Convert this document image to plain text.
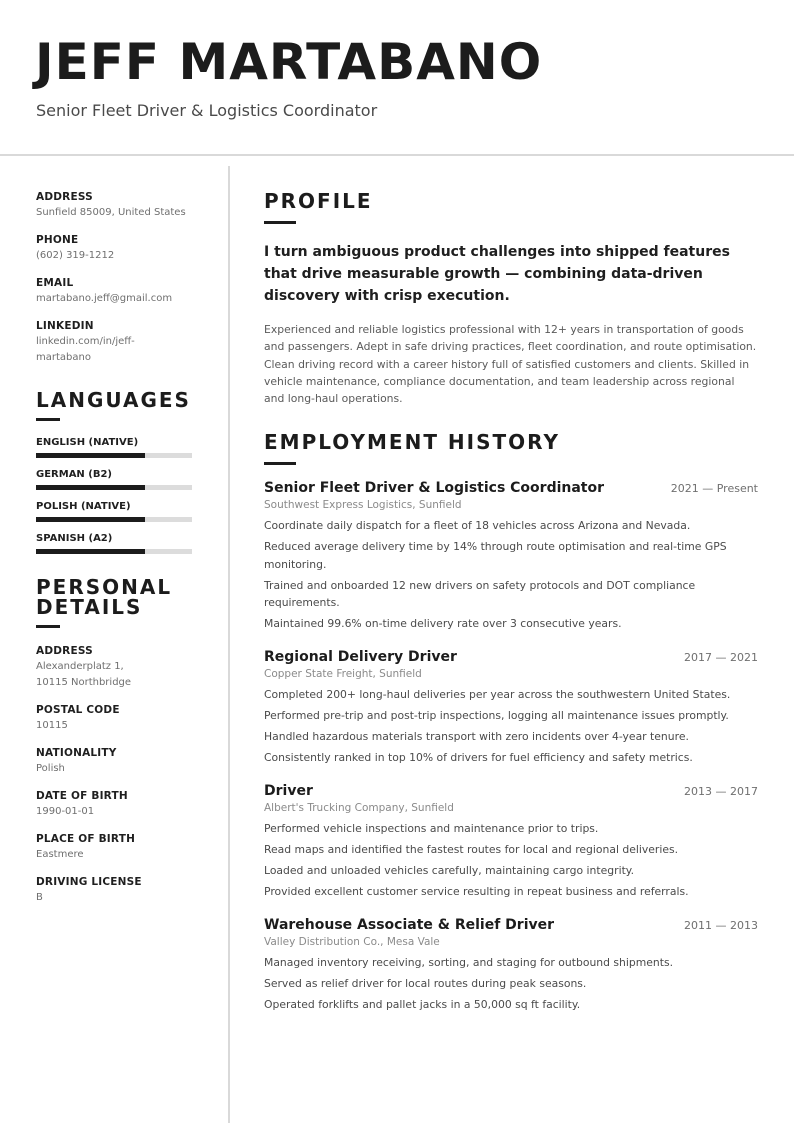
JEFF MARTABANO
Senior Fleet Driver & Logistics Coordinator
ADDRESS
Sunfield 85009, United States
PHONE
(602) 319-1212
EMAIL
martabano.jeff@gmail.com
LINKEDIN
linkedin.com/in/jeff-martabano
LANGUAGES
ENGLISH (NATIVE)
GERMAN (B2)
POLISH (NATIVE)
SPANISH (A2)
PERSONAL DETAILS
ADDRESS
Alexanderplatz 1, 10115 Northbridge
POSTAL CODE
10115
NATIONALITY
Polish
DATE OF BIRTH
1990-01-01
PLACE OF BIRTH
Eastmere
DRIVING LICENSE
B
PROFILE
I turn ambiguous product challenges into shipped features that drive measurable growth — combining data-driven discovery with crisp execution.
Experienced and reliable logistics professional with 12+ years in transportation of goods and passengers. Adept in safe driving practices, fleet coordination, and route optimisation. Clean driving record with a career history full of satisfied customers and clients. Skilled in vehicle maintenance, compliance documentation, and team leadership across regional and long-haul operations.
EMPLOYMENT HISTORY
Senior Fleet Driver & Logistics Coordinator	2021 — Present
Southwest Express Logistics, Sunfield
Coordinate daily dispatch for a fleet of 18 vehicles across Arizona and Nevada.
Reduced average delivery time by 14% through route optimisation and real-time GPS monitoring.
Trained and onboarded 12 new drivers on safety protocols and DOT compliance requirements.
Maintained 99.6% on-time delivery rate over 3 consecutive years.
Regional Delivery Driver	2017 — 2021
Copper State Freight, Sunfield
Completed 200+ long-haul deliveries per year across the southwestern United States.
Performed pre-trip and post-trip inspections, logging all maintenance issues promptly.
Handled hazardous materials transport with zero incidents over 4-year tenure.
Consistently ranked in top 10% of drivers for fuel efficiency and safety metrics.
Driver	2013 — 2017
Albert's Trucking Company, Sunfield
Performed vehicle inspections and maintenance prior to trips.
Read maps and identified the fastest routes for local and regional deliveries.
Loaded and unloaded vehicles carefully, maintaining cargo integrity.
Provided excellent customer service resulting in repeat business and referrals.
Warehouse Associate & Relief Driver	2011 — 2013
Valley Distribution Co., Mesa Vale
Managed inventory receiving, sorting, and staging for outbound shipments.
Served as relief driver for local routes during peak seasons.
Operated forklifts and pallet jacks in a 50,000 sq ft facility.
